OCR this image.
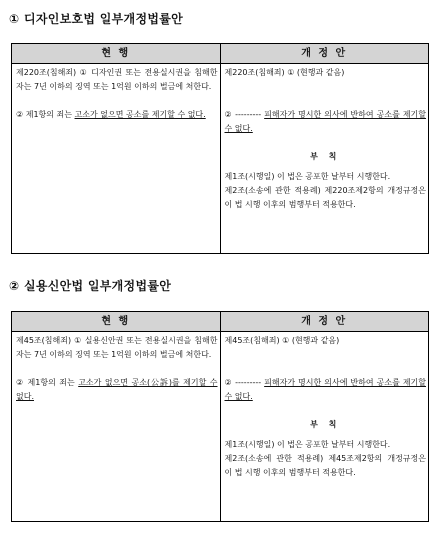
① 디자인보호법 일부개정법률안
현 행	개 정 안

제220조(침해죄) ① 디자인권 또는 전용실시권을 침해한 자는 7년 이하의 징역 또는 1억원 이하의 벌금에 처한다.

② 제1항의 죄는 고소가 없으면 공소를 제기할 수 없다.

제220조(침해죄) ① (현행과 같음)

② --------- 피해자가 명시한 의사에 반하여 공소를 제기할 수 없다.

부 칙

제1조(시행일) 이 법은 공포한 날부터 시행한다.

제2조(소송에 관한 적용례) 제220조제2항의 개정규정은 이 법 시행 이후의 범행부터 적용한다.

② 실용신안법 일부개정법률안
현 행	개 정 안

제45조(침해죄) ① 실용신안권 또는 전용실시권을 침해한 자는 7년 이하의 징역 또는 1억원 이하의 벌금에 처한다.

② 제1항의 죄는 고소가 없으면 공소(公訴)를 제기할 수 없다.

제45조(침해죄) ① (현행과 같음)

② --------- 피해자가 명시한 의사에 반하여 공소를 제기할 수 없다.

부 칙

제1조(시행일) 이 법은 공포한 날부터 시행한다.

제2조(소송에 관한 적용례) 제45조제2항의 개정규정은 이 법 시행 이후의 범행부터 적용한다.
